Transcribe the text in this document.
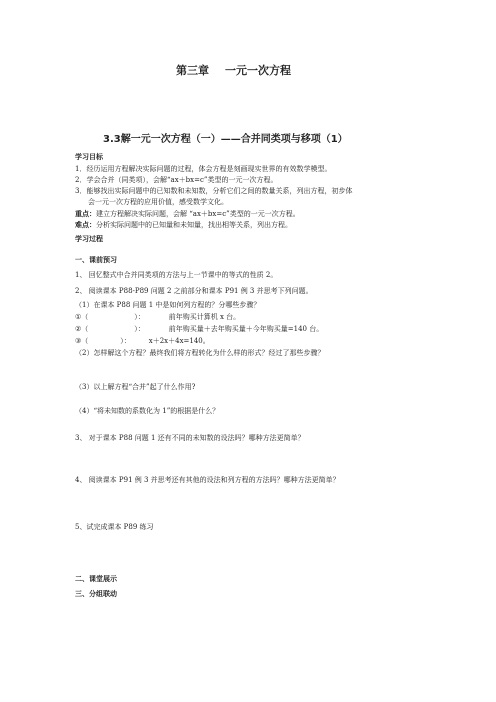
第三章 一元一次方程
3.3解一元一次方程（一）——合并同类项与移项（1）
学习目标
1．经历运用方程解决实际问题的过程，体会方程是刻画现实世界的有效数学模型。
2．学会合并（同类项），会解“ax＋bx=c”类型的一元一次方程。
3．能够找出实际问题中的已知数和未知数，分析它们之间的数量关系，列出方程，初步体
会一元一次方程的应用价值，感受数学文化。
重点：建立方程解决实际问题，会解 “ax＋bx=c”类型的一元一次方程。
难点：分析实际问题中的已知量和未知量，找出相等关系，列出方程。
学习过程
一、课前预习
1、 回忆整式中合并同类项的方法与上一节课中的等式的性质 2。
2、 阅读课本 P88-P89 问题 2 之前部分和课本 P91 例 3 并思考下列问题。
（1）在课本 P88 问题 1 中是如何列方程的？分哪些步骤？
①（	）：	前年购买计算机 x 台。
②（	）：	前年购买量＋去年购买量＋今年购买量=140 台。
③（	）：	x＋2x＋4x=140。
（2）怎样解这个方程？最终我们将方程转化为什么样的形式？经过了那些步骤？
（3）以上解方程“合并”起了什么作用?
（4）“将未知数的系数化为 1”的根据是什么？
3、 对于课本 P88 问题 1 还有不同的未知数的设法吗？哪种方法更简单？
4、 阅读课本 P91 例 3 并思考还有其他的设法和列方程的方法吗？哪种方法更简单？
5、试完成课本 P89 练习
二、课堂展示
三、分组联动
